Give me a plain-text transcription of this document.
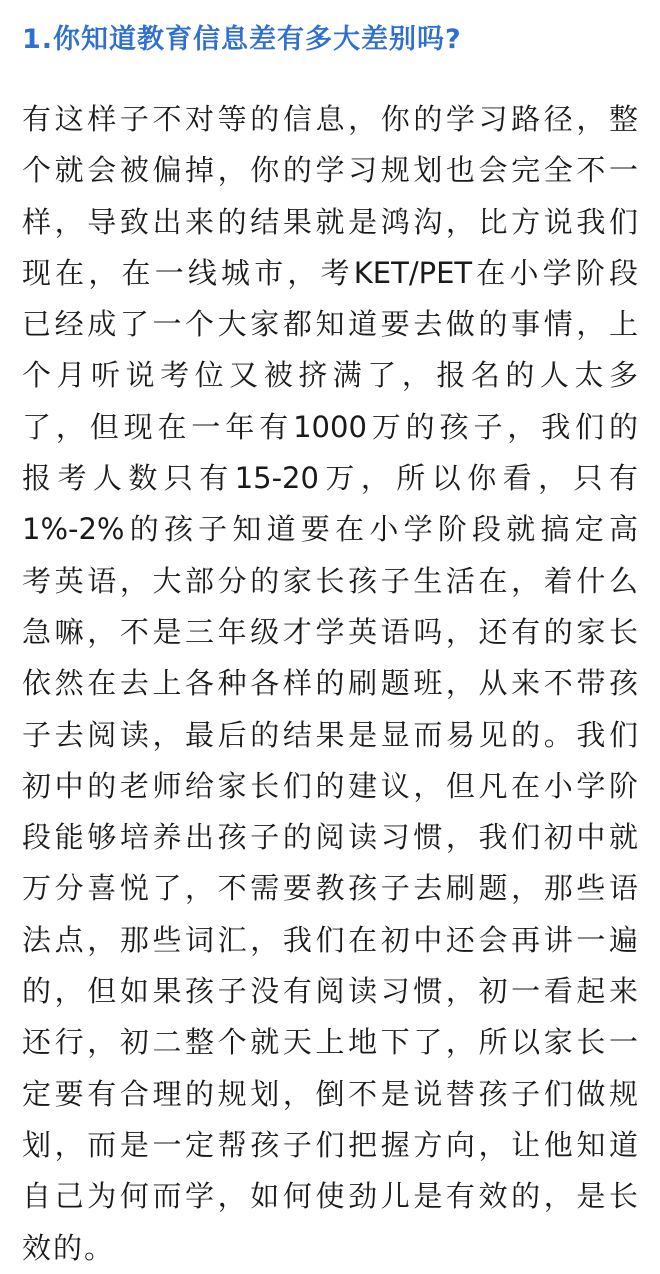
1.你知道教育信息差有多大差别吗?
有这样子不对等的信息，你的学习路径，整
个就会被偏掉，你的学习规划也会完全不一
样，导致出来的结果就是鸿沟，比方说我们
现在，在一线城市，考KET/PET在小学阶段
已经成了一个大家都知道要去做的事情，上
个月听说考位又被挤满了，报名的人太多
了，但现在一年有1000万的孩子，我们的
报考人数只有15-20万，所以你看，只有
1%-2%的孩子知道要在小学阶段就搞定高
考英语，大部分的家长孩子生活在，着什么
急嘛，不是三年级才学英语吗，还有的家长
依然在去上各种各样的刷题班，从来不带孩
子去阅读，最后的结果是显而易见的。我们
初中的老师给家长们的建议，但凡在小学阶
段能够培养出孩子的阅读习惯，我们初中就
万分喜悦了，不需要教孩子去刷题，那些语
法点，那些词汇，我们在初中还会再讲一遍
的，但如果孩子没有阅读习惯，初一看起来
还行，初二整个就天上地下了，所以家长一
定要有合理的规划，倒不是说替孩子们做规
划，而是一定帮孩子们把握方向，让他知道
自己为何而学，如何使劲儿是有效的，是长
效的。
